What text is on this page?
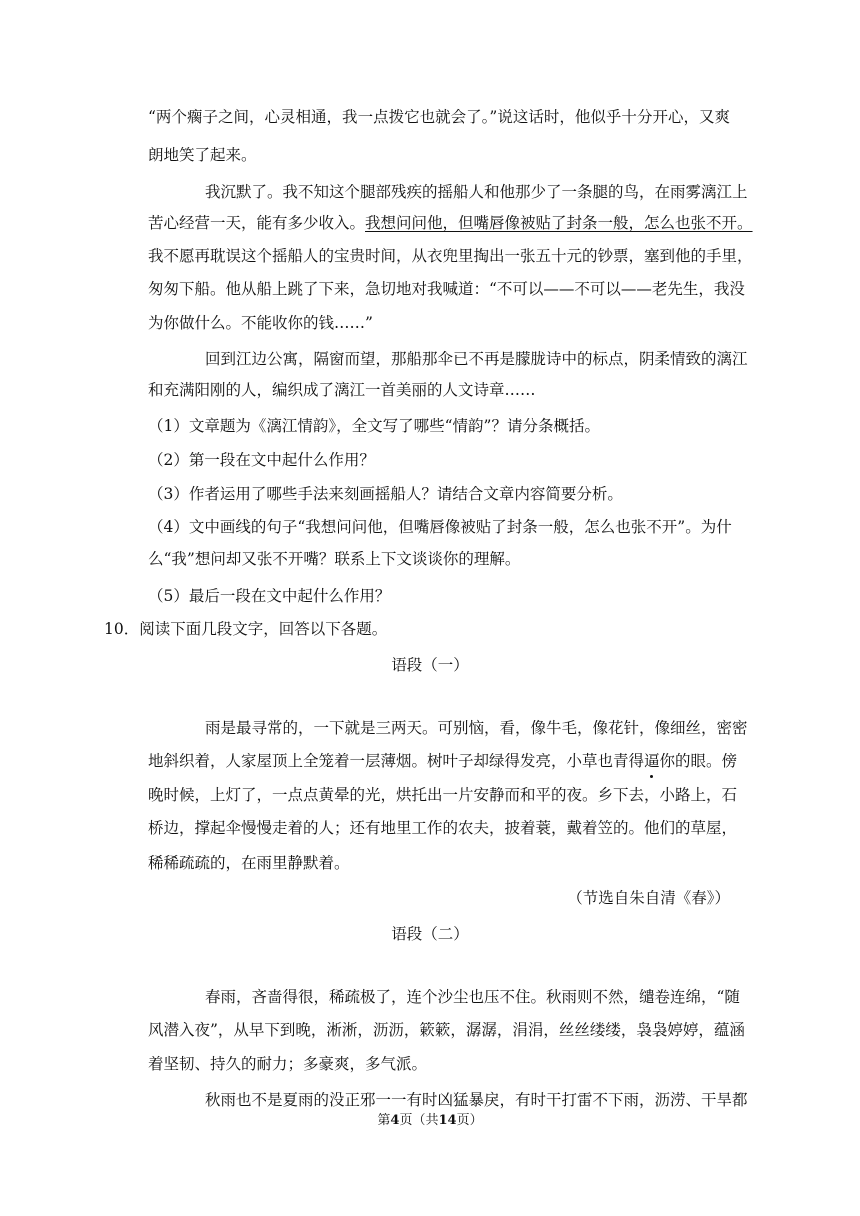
“两个瘸子之间，心灵相通，我一点拨它也就会了。”说这话时，他似乎十分开心，又爽
朗地笑了起来。
我沉默了。我不知这个腿部残疾的摇船人和他那少了一条腿的鸟，在雨雾漓江上
苦心经营一天，能有多少收入。我想问问他，但嘴唇像被贴了封条一般，怎么也张不开。
我不愿再耽误这个摇船人的宝贵时间，从衣兜里掏出一张五十元的钞票，塞到他的手里，
匆匆下船。他从船上跳了下来，急切地对我喊道：“不可以——不可以——老先生，我没
为你做什么。不能收你的钱……”
回到江边公寓，隔窗而望，那船那伞已不再是朦胧诗中的标点，阴柔情致的漓江
和充满阳刚的人，编织成了漓江一首美丽的人文诗章……
（1）文章题为《漓江情韵》，全文写了哪些“情韵”？请分条概括。
（2）第一段在文中起什么作用？
（3）作者运用了哪些手法来刻画摇船人？请结合文章内容简要分析。
（4）文中画线的句子“我想问问他，但嘴唇像被贴了封条一般，怎么也张不开”。为什
么“我”想问却又张不开嘴？联系上下文谈谈你的理解。
（5）最后一段在文中起什么作用？
10．阅读下面几段文字，回答以下各题。
语段（一）
雨是最寻常的，一下就是三两天。可别恼，看，像牛毛，像花针，像细丝，密密
地斜织着，人家屋顶上全笼着一层薄烟。树叶子却绿得发亮，小草也青得逼你的眼。傍
晚时候，上灯了，一点点黄晕的光，烘托出一片安静而和平的夜。乡下去，小路上，石
桥边，撑起伞慢慢走着的人；还有地里工作的农夫，披着蓑，戴着笠的。他们的草屋，
稀稀疏疏的，在雨里静默着。
（节选自朱自清《春》）
语段（二）
春雨，吝啬得很，稀疏极了，连个沙尘也压不住。秋雨则不然，缱卷连绵，“随
风潜入夜”，从早下到晚，淅淅，沥沥，簌簌，潺潺，涓涓，丝丝缕缕，袅袅婷婷，蕴涵
着坚韧、持久的耐力；多豪爽，多气派。
秋雨也不是夏雨的没正邪一一有时凶猛暴戾，有时干打雷不下雨，沥涝、干旱都
第4页（共14页）
